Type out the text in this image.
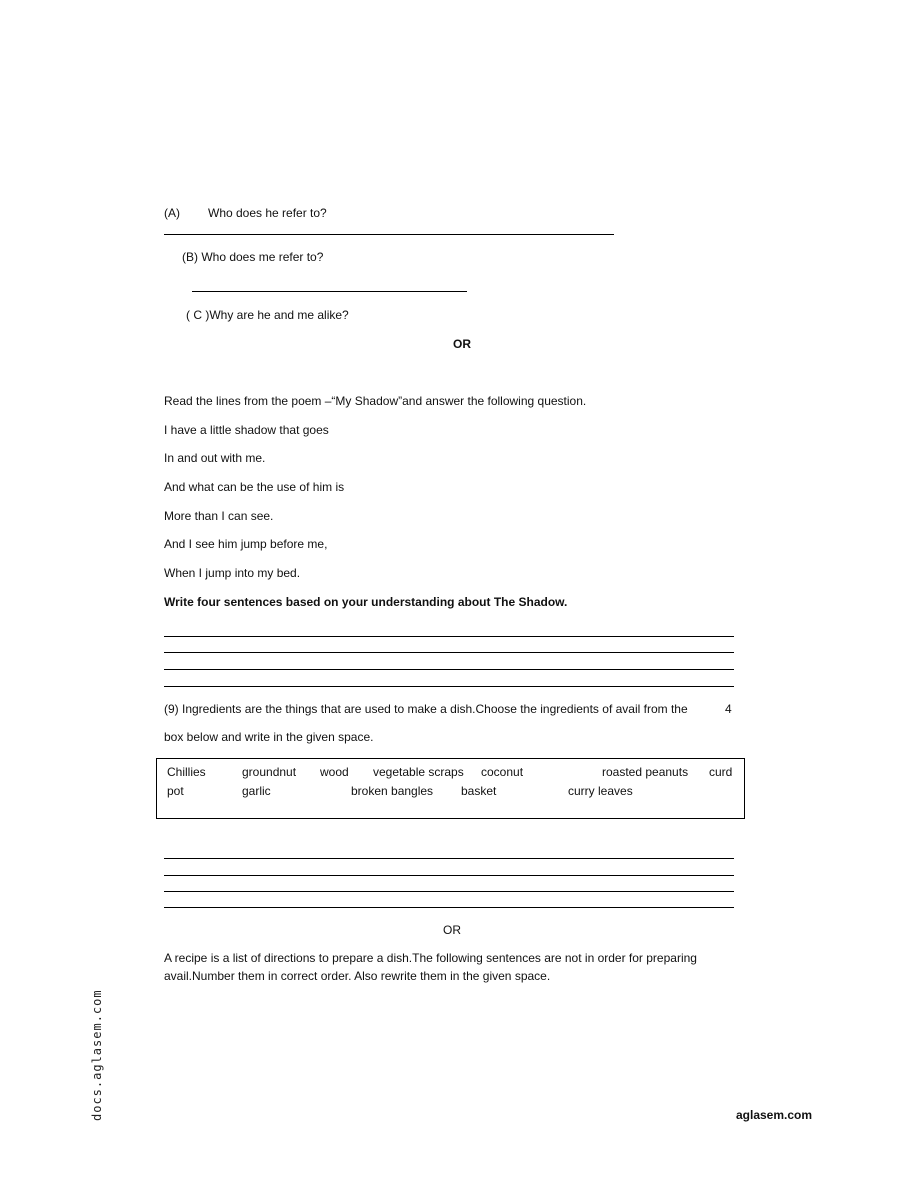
(A) Who does he refer to?
(B) Who does me refer to?
( C )Why are he and me alike?
OR
Read the lines from the poem –“My Shadow”and answer the following question.
I have a little shadow that goes
In and out with me.
And what can be the use of him is
More than I can see.
And I see him jump before me,
When I jump into my bed.
Write four sentences based on your understanding about The Shadow.
(9) Ingredients are the things that are used to make a dish.Choose the ingredients of avail from the	4
box below and write in the given space.
Chillies	groundnut wood vegetable scraps coconut	roasted peanuts curd
pot	garlic	broken bangles basket	curry leaves
OR
A recipe is a list of directions to prepare a dish.The following sentences are not in order for preparing
avail.Number them in correct order. Also rewrite them in the given space.
docs.aglasem.com	aglasem.com
